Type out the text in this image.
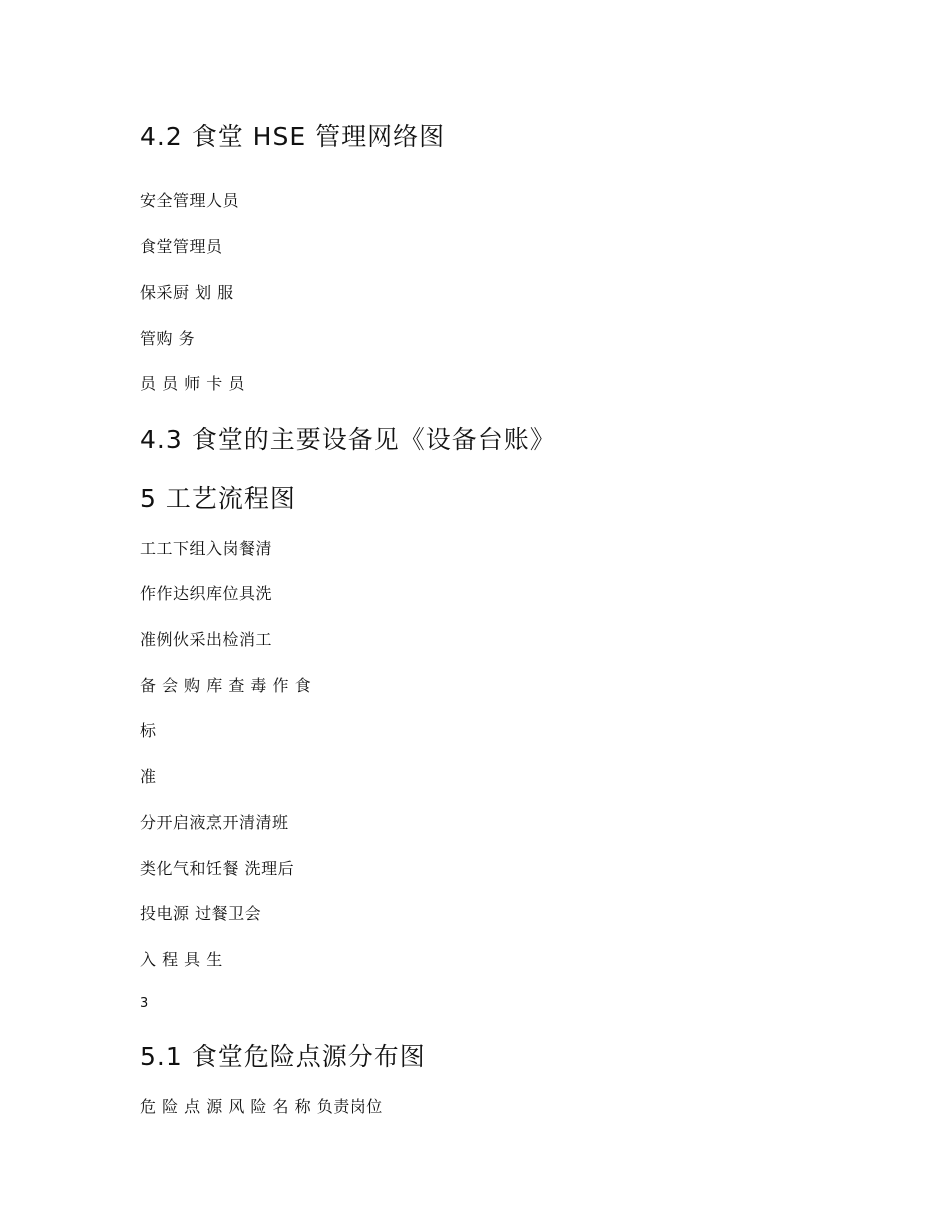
4.2 食堂 HSE 管理网络图
安全管理人员
食堂管理员
保采厨 划 服
管购 务
员 员 师 卡 员
4.3 食堂的主要设备见《设备台账》
5 工艺流程图
工工下组入岗餐清
作作达织库位具洗
准例伙采出检消工
备 会 购 库 查 毒 作 食
标
准
分开启液烹开清清班
类化气和饪餐 洗理后
投电源 过餐卫会
入 程 具 生
3
5.1 食堂危险点源分布图
危 险 点 源 风 险 名 称 负责岗位
